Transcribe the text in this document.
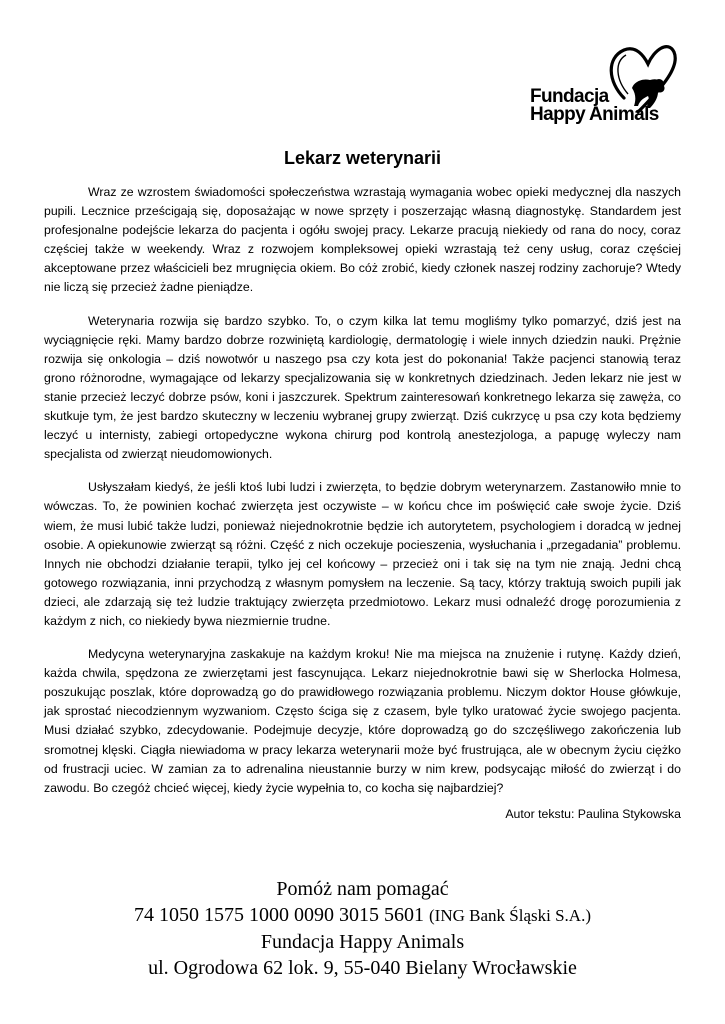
Fundacja
Happy Animals
Lekarz weterynarii

Wraz ze wzrostem świadomości społeczeństwa wzrastają wymagania wobec opieki medycznej dla naszych pupili. Lecznice prześcigają się, doposażając w nowe sprzęty i poszerzając własną diagnostykę. Standardem jest profesjonalne podejście lekarza do pacjenta i ogółu swojej pracy. Lekarze pracują niekiedy od rana do nocy, coraz częściej także w weekendy. Wraz z rozwojem kompleksowej opieki wzrastają też ceny usług, coraz częściej akceptowane przez właścicieli bez mrugnięcia okiem. Bo cóż zrobić, kiedy członek naszej rodziny zachoruje? Wtedy nie liczą się przecież żadne pieniądze.

Weterynaria rozwija się bardzo szybko. To, o czym kilka lat temu mogliśmy tylko pomarzyć, dziś jest na wyciągnięcie ręki. Mamy bardzo dobrze rozwiniętą kardiologię, dermatologię i wiele innych dziedzin nauki. Prężnie rozwija się onkologia – dziś nowotwór u naszego psa czy kota jest do pokonania! Także pacjenci stanowią teraz grono różnorodne, wymagające od lekarzy specjalizowania się w konkretnych dziedzinach. Jeden lekarz nie jest w stanie przecież leczyć dobrze psów, koni i jaszczurek. Spektrum zainteresowań konkretnego lekarza się zawęża, co skutkuje tym, że jest bardzo skuteczny w leczeniu wybranej grupy zwierząt. Dziś cukrzycę u psa czy kota będziemy leczyć u internisty, zabiegi ortopedyczne wykona chirurg pod kontrolą anestezjologa, a papugę wyleczy nam specjalista od zwierząt nieudomowionych.

Usłyszałam kiedyś, że jeśli ktoś lubi ludzi i zwierzęta, to będzie dobrym weterynarzem. Zastanowiło mnie to wówczas. To, że powinien kochać zwierzęta jest oczywiste – w końcu chce im poświęcić całe swoje życie. Dziś wiem, że musi lubić także ludzi, ponieważ niejednokrotnie będzie ich autorytetem, psychologiem i doradcą w jednej osobie. A opiekunowie zwierząt są różni. Część z nich oczekuje pocieszenia, wysłuchania i „przegadania” problemu. Innych nie obchodzi działanie terapii, tylko jej cel końcowy – przecież oni i tak się na tym nie znają. Jedni chcą gotowego rozwiązania, inni przychodzą z własnym pomysłem na leczenie. Są tacy, którzy traktują swoich pupili jak dzieci, ale zdarzają się też ludzie traktujący zwierzęta przedmiotowo. Lekarz musi odnaleźć drogę porozumienia z każdym z nich, co niekiedy bywa niezmiernie trudne.

Medycyna weterynaryjna zaskakuje na każdym kroku! Nie ma miejsca na znużenie i rutynę. Każdy dzień, każda chwila, spędzona ze zwierzętami jest fascynująca. Lekarz niejednokrotnie bawi się w Sherlocka Holmesa, poszukując poszlak, które doprowadzą go do prawidłowego rozwiązania problemu. Niczym doktor House główkuje, jak sprostać niecodziennym wyzwaniom. Często ściga się z czasem, byle tylko uratować życie swojego pacjenta. Musi działać szybko, zdecydowanie. Podejmuje decyzje, które doprowadzą go do szczęśliwego zakończenia lub sromotnej klęski. Ciągła niewiadoma w pracy lekarza weterynarii może być frustrująca, ale w obecnym życiu ciężko od frustracji uciec. W zamian za to adrenalina nieustannie burzy w nim krew, podsycając miłość do zwierząt i do zawodu. Bo czegóż chcieć więcej, kiedy życie wypełnia to, co kocha się najbardziej?

Autor tekstu: Paulina Stykowska
Pomóż nam pomagać
74 1050 1575 1000 0090 3015 5601 (ING Bank Śląski S.A.)
Fundacja Happy Animals
ul. Ogrodowa 62 lok. 9, 55-040 Bielany Wrocławskie
